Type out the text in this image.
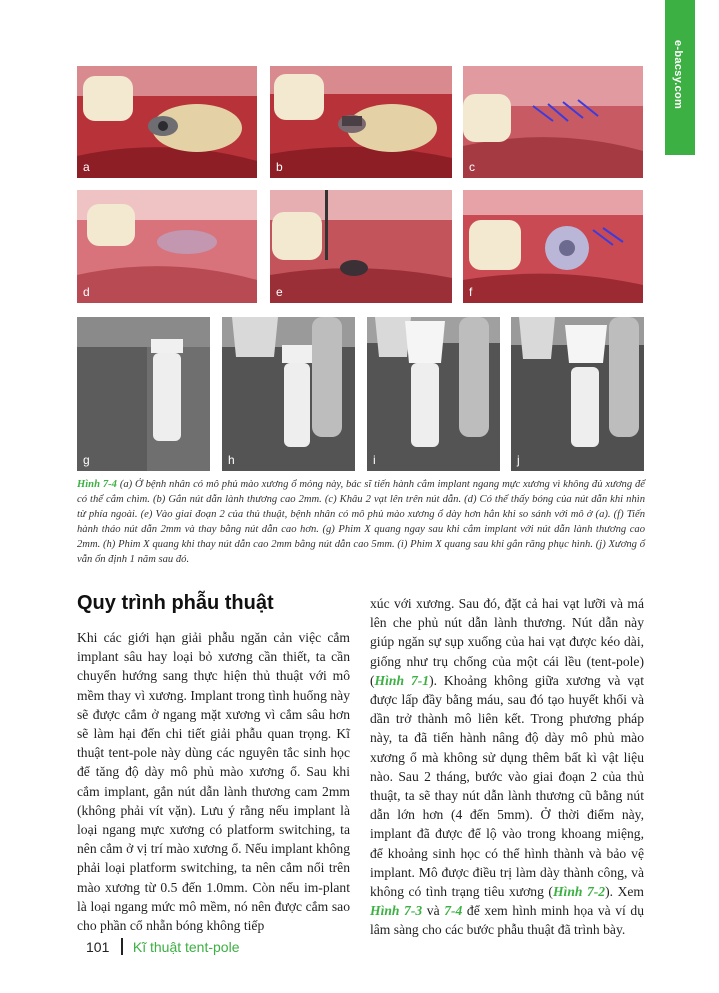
e-bacsy.com
a	b	c
d	e	f
g	h	i	j
Hình 7-4 (a) Ở bệnh nhân có mô phủ mào xương ổ mỏng này, bác sĩ tiến hành cắm implant ngang mực xương vì không đủ xương để có thể cắm chìm. (b) Gắn nút dẫn lành thương cao 2mm. (c) Khâu 2 vạt lên trên nút dẫn. (d) Có thể thấy bóng của nút dẫn khi nhìn từ phía ngoài. (e) Vào giai đoạn 2 của thủ thuật, bệnh nhân có mô phủ mào xương ổ dày hơn hẳn khi so sánh với mô ở (a). (f) Tiến hành tháo nút dẫn 2mm và thay bằng nút dẫn cao hơn. (g) Phim X quang ngay sau khi cắm implant với nút dẫn lành thương cao 2mm. (h) Phim X quang khi thay nút dẫn cao 2mm bằng nút dẫn cao 5mm. (i) Phim X quang sau khi gắn răng phục hình. (j) Xương ổ vẫn ổn định 1 năm sau đó.
Quy trình phẫu thuật
Khi các giới hạn giải phẫu ngăn cản việc cắm implant sâu hay loại bỏ xương cần thiết, ta cần chuyển hướng sang thực hiện thủ thuật với mô mềm thay vì xương. Implant trong tình huống này sẽ được cắm ở ngang mặt xương vì cắm sâu hơn sẽ làm hại đến chi tiết giải phẫu quan trọng. Kĩ thuật tent-pole này dùng các nguyên tắc sinh học để tăng độ dày mô phủ mào xương ổ. Sau khi cắm implant, gắn nút dẫn lành thương cam 2mm (không phải vít vặn). Lưu ý rằng nếu implant là loại ngang mực xương có platform switching, ta nên cắm ở vị trí mào xương ổ. Nếu implant không phải loại platform switching, ta nên cắm nổi trên mào xương từ 0.5 đến 1.0mm. Còn nếu im-plant là loại ngang mức mô mềm, nó nên được cắm sao cho phần cổ nhẵn bóng không tiếp
xúc với xương. Sau đó, đặt cả hai vạt lưỡi và má lên che phủ nút dẫn lành thương. Nút dẫn này giúp ngăn sự sụp xuống của hai vạt được kéo dài, giống như trụ chống của một cái lều (tent-pole) (Hình 7-1). Khoảng không giữa xương và vạt được lấp đầy bằng máu, sau đó tạo huyết khối và dần trở thành mô liên kết. Trong phương pháp này, ta đã tiến hành nâng độ dày mô phủ mào xương ổ mà không sử dụng thêm bất kì vật liệu nào. Sau 2 tháng, bước vào giai đoạn 2 của thủ thuật, ta sẽ thay nút dẫn lành thương cũ bằng nút dẫn lớn hơn (4 đến 5mm). Ở thời điểm này, implant đã được để lộ vào trong khoang miệng, để khoảng sinh học có thể hình thành và bảo vệ implant. Mô được điều trị làm dày thành công, và không có tình trạng tiêu xương (Hình 7-2). Xem Hình 7-3 và 7-4 để xem hình minh họa và ví dụ lâm sàng cho các bước phẫu thuật đã trình bày.
101 Kĩ thuật tent-pole
